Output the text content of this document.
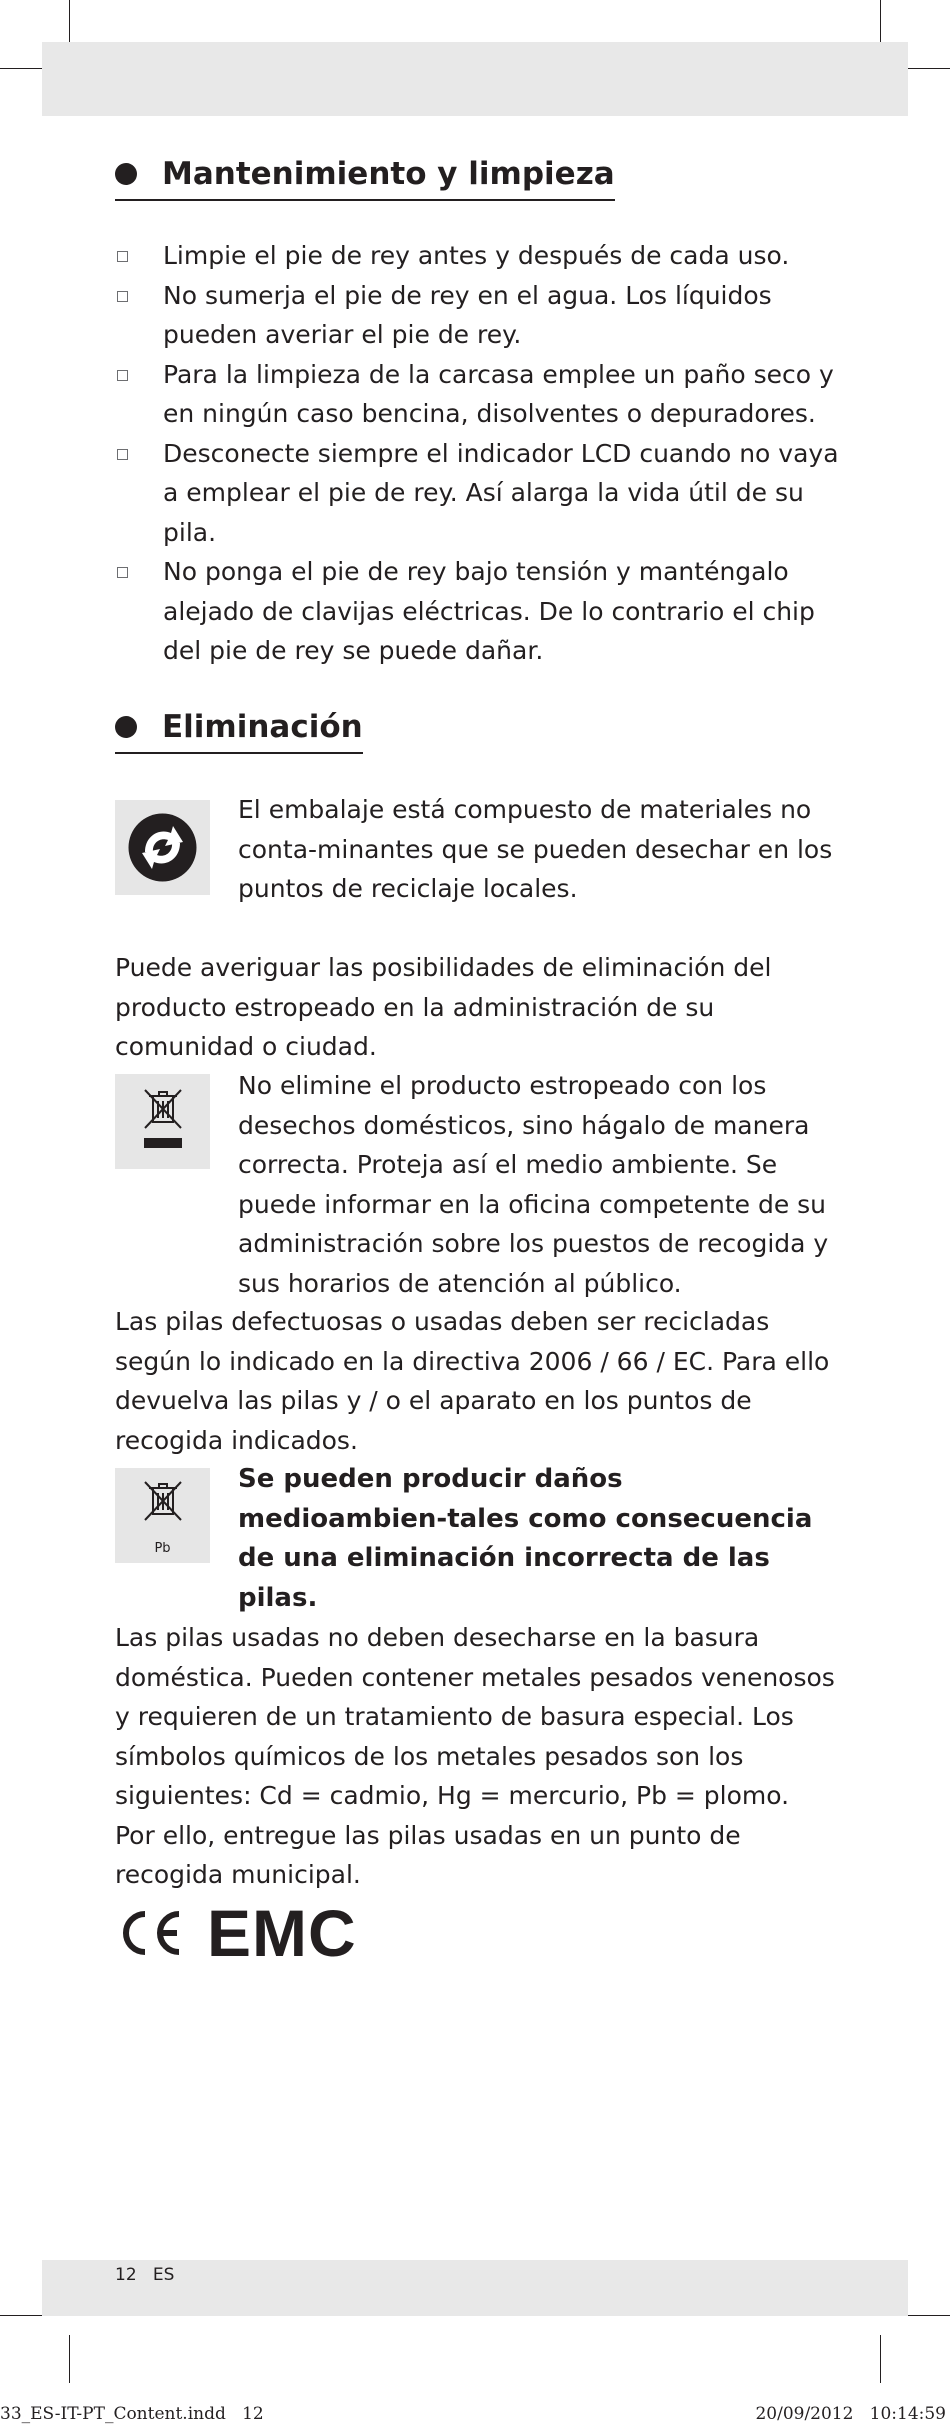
Mantenimiento y limpieza
Limpie el pie de rey antes y después de cada uso.
No sumerja el pie de rey en el agua. Los líquidos pueden averiar el pie de rey.
Para la limpieza de la carcasa emplee un paño seco y en ningún caso bencina, disolventes o depuradores.
Desconecte siempre el indicador LCD cuando no vaya a emplear el pie de rey. Así alarga la vida útil de su pila.
No ponga el pie de rey bajo tensión y manténgalo alejado de clavijas eléctricas. De lo contrario el chip del pie de rey se puede dañar.
Eliminación

El embalaje está compuesto de materiales no conta-minantes que se pueden desechar en los puntos de reciclaje locales.

Puede averiguar las posibilidades de eliminación del producto estropeado en la administración de su comunidad o ciudad.

No elimine el producto estropeado con los desechos domésticos, sino hágalo de manera correcta. Proteja así el medio ambiente. Se puede informar en la oficina competente de su administración sobre los puestos de recogida y sus horarios de atención al público.

Las pilas defectuosas o usadas deben ser recicladas según lo indicado en la directiva 2006 / 66 / EC. Para ello devuelva las pilas y / o el aparato en los puntos de recogida indicados.

Pb

Se pueden producir daños medioambien-tales como consecuencia de una eliminación incorrecta de las pilas.

Las pilas usadas no deben desecharse en la basura doméstica. Pueden contener metales pesados venenosos y requieren de un tratamiento de basura especial. Los símbolos químicos de los metales pesados son los siguientes: Cd = cadmio, Hg = mercurio, Pb = plomo. Por ello, entregue las pilas usadas en un punto de recogida municipal.

EMC
12   ES
33_ES-IT-PT_Content.indd   12	20/09/2012   10:14:59
